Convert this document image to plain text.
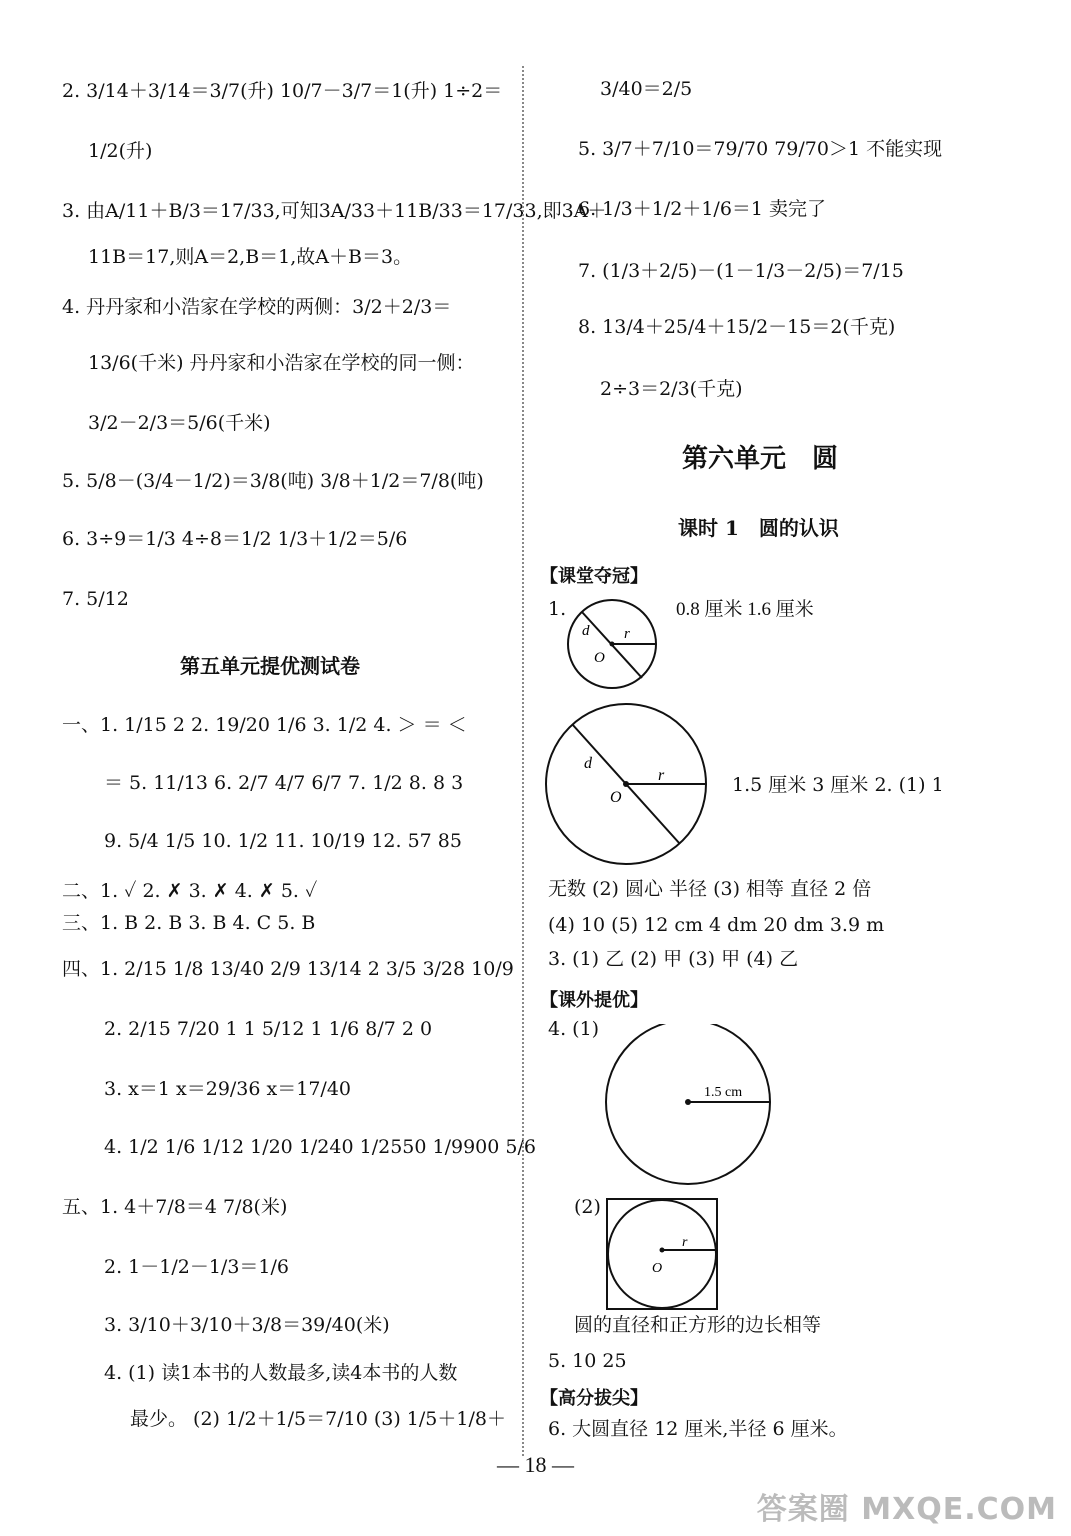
2. 3/14＋3/14＝3/7(升) 10/7－3/7＝1(升) 1÷2＝
1/2(升)
3. 由A/11＋B/3＝17/33,可知3A/33＋11B/33＝17/33,即3A＋
11B＝17,则A＝2,B＝1,故A＋B＝3。
4. 丹丹家和小浩家在学校的两侧：3/2＋2/3＝
13/6(千米) 丹丹家和小浩家在学校的同一侧：
3/2－2/3＝5/6(千米)
5. 5/8－(3/4－1/2)＝3/8(吨) 3/8＋1/2＝7/8(吨)
6. 3÷9＝1/3 4÷8＝1/2 1/3＋1/2＝5/6
7. 5/12
第五单元提优测试卷
一、1. 1/15 2 2. 19/20 1/6 3. 1/2 4. ＞ ＝ ＜
＝ 5. 11/13 6. 2/7 4/7 6/7 7. 1/2 8. 8 3
9. 5/4 1/5 10. 1/2 11. 10/19 12. 57 85
二、1. ✓ 2. ✗ 3. ✗ 4. ✗ 5. ✓
三、1. B 2. B 3. B 4. C 5. B
四、1. 2/15 1/8 13/40 2/9 13/14 2 3/5 3/28 10/9
2. 2/15 7/20 1 1 5/12 1 1/6 8/7 2 0
3. x＝1 x＝29/36 x＝17/40
4. 1/2 1/6 1/12 1/20 1/240 1/2550 1/9900 5/6
五、1. 4＋7/8＝4 7/8(米)
2. 1－1/2－1/3＝1/6
3. 3/10＋3/10＋3/8＝39/40(米)
4. (1) 读1本书的人数最多,读4本书的人数
最少。 (2) 1/2＋1/5＝7/10 (3) 1/5＋1/8＋
3/40＝2/5
5. 3/7＋7/10＝79/70 79/70＞1 不能实现
6. 1/3＋1/2＋1/6＝1 卖完了
7. (1/3＋2/5)－(1－1/3－2/5)＝7/15
8. 13/4＋25/4＋15/2－15＝2(千克)
2÷3＝2/3(千克)
第六单元　圆
课时 1　圆的认识
【课堂夺冠】
1.
d r
O
0.8 厘米 1.6 厘米
d
r
O
1.5 厘米 3 厘米 2. (1) 1
无数 (2) 圆心 半径 (3) 相等 直径 2 倍
(4) 10 (5) 12 cm 4 dm 20 dm 3.9 m
3. (1) 乙 (2) 甲 (3) 甲 (4) 乙
【课外提优】
4. (1)
1.5 cm
(2)
r
O
圆的直径和正方形的边长相等
5. 10 25
【高分拔尖】
6. 大圆直径 12 厘米,半径 6 厘米。
— 18 —
答案圈 MXQE.COM
